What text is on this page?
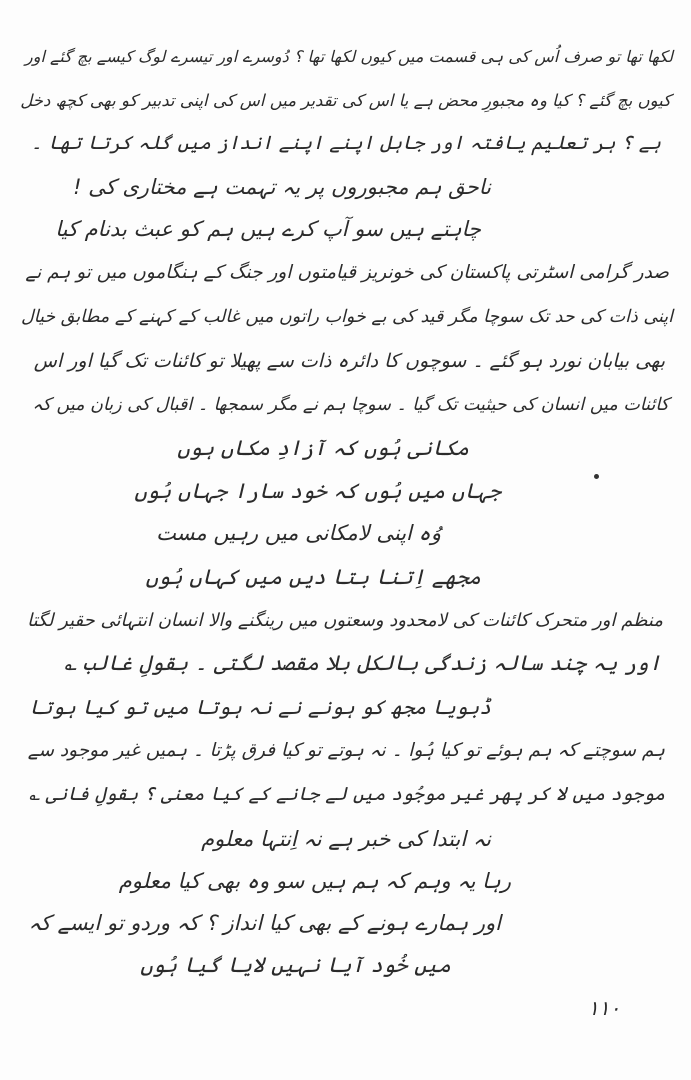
لکھا تھا تو صرف اُس کی ہی قسمت میں کیوں لکھا تھا ؟ دُوسرے اور تیسرے لوگ کیسے بچ گئے اور
کیوں بچ گئے ؟ کیا وہ مجبورِ محض ہے یا اس کی تقدیر میں اس کی اپنی تدبیر کو بھی کچھ دخل
ہے ؟ ہر تعلیم یافتہ اور جاہل اپنے اپنے انداز میں گلہ کرتا تھا ۔
ناحق ہم مجبوروں پر یہ تہمت ہے مختاری کی !
چاہتے ہیں سو آپ کرے ہیں ہم کو عبث بدنام کیا
صدر گرامی اسٹرتی پاکستان کی خونریز قیامتوں اور جنگ کے ہنگاموں میں تو ہم نے
اپنی ذات کی حد تک سوچا مگر قید کی بے خواب راتوں میں غالب کے کہنے کے مطابق خیال
بھی بیابان نورد ہو گئے ۔ سوچوں کا دائرہ ذات سے پھیلا تو کائنات تک گیا اور اس
کائنات میں انسان کی حیثیت تک گیا ۔ سوچا ہم نے مگر سمجھا ۔ اقبال کی زبان میں کہ
مکانی ہُوں کہ آزادِ مکاں ہوں
جہاں میں ہُوں کہ خود سارا جہاں ہُوں
وُہ اپنی لامکانی میں رہیں مست
مجھے اِتنا بتا دیں میں کہاں ہُوں
منظم اور متحرک کائنات کی لامحدود وسعتوں میں رینگنے والا انسان انتہائی حقیر لگتا
اور یہ چند سالہ زندگی بالکل بلا مقصد لگتی ۔ بقولِ غالب ؎
ڈبویا مجھ کو ہونے نے نہ ہوتا میں تو کیا ہوتا
ہم سوچتے کہ ہم ہوئے تو کیا ہُوا ۔ نہ ہوتے تو کیا فرق پڑتا ۔ ہمیں غیر موجود سے
موجود میں لا کر پھر غیر موجُود میں لے جانے کے کیا معنی ؟ بقولِ فانی ؎
نہ ابتدا کی خبر ہے نہ اِنتہا معلوم
رہا یہ وہم کہ ہم ہیں سو وہ بھی کیا معلوم
اور ہمارے ہونے کے بھی کیا انداز ؟ کہ وردو تو ایسے کہ
میں خُود آیا نہیں لایا گیا ہُوں
۱۱۰
